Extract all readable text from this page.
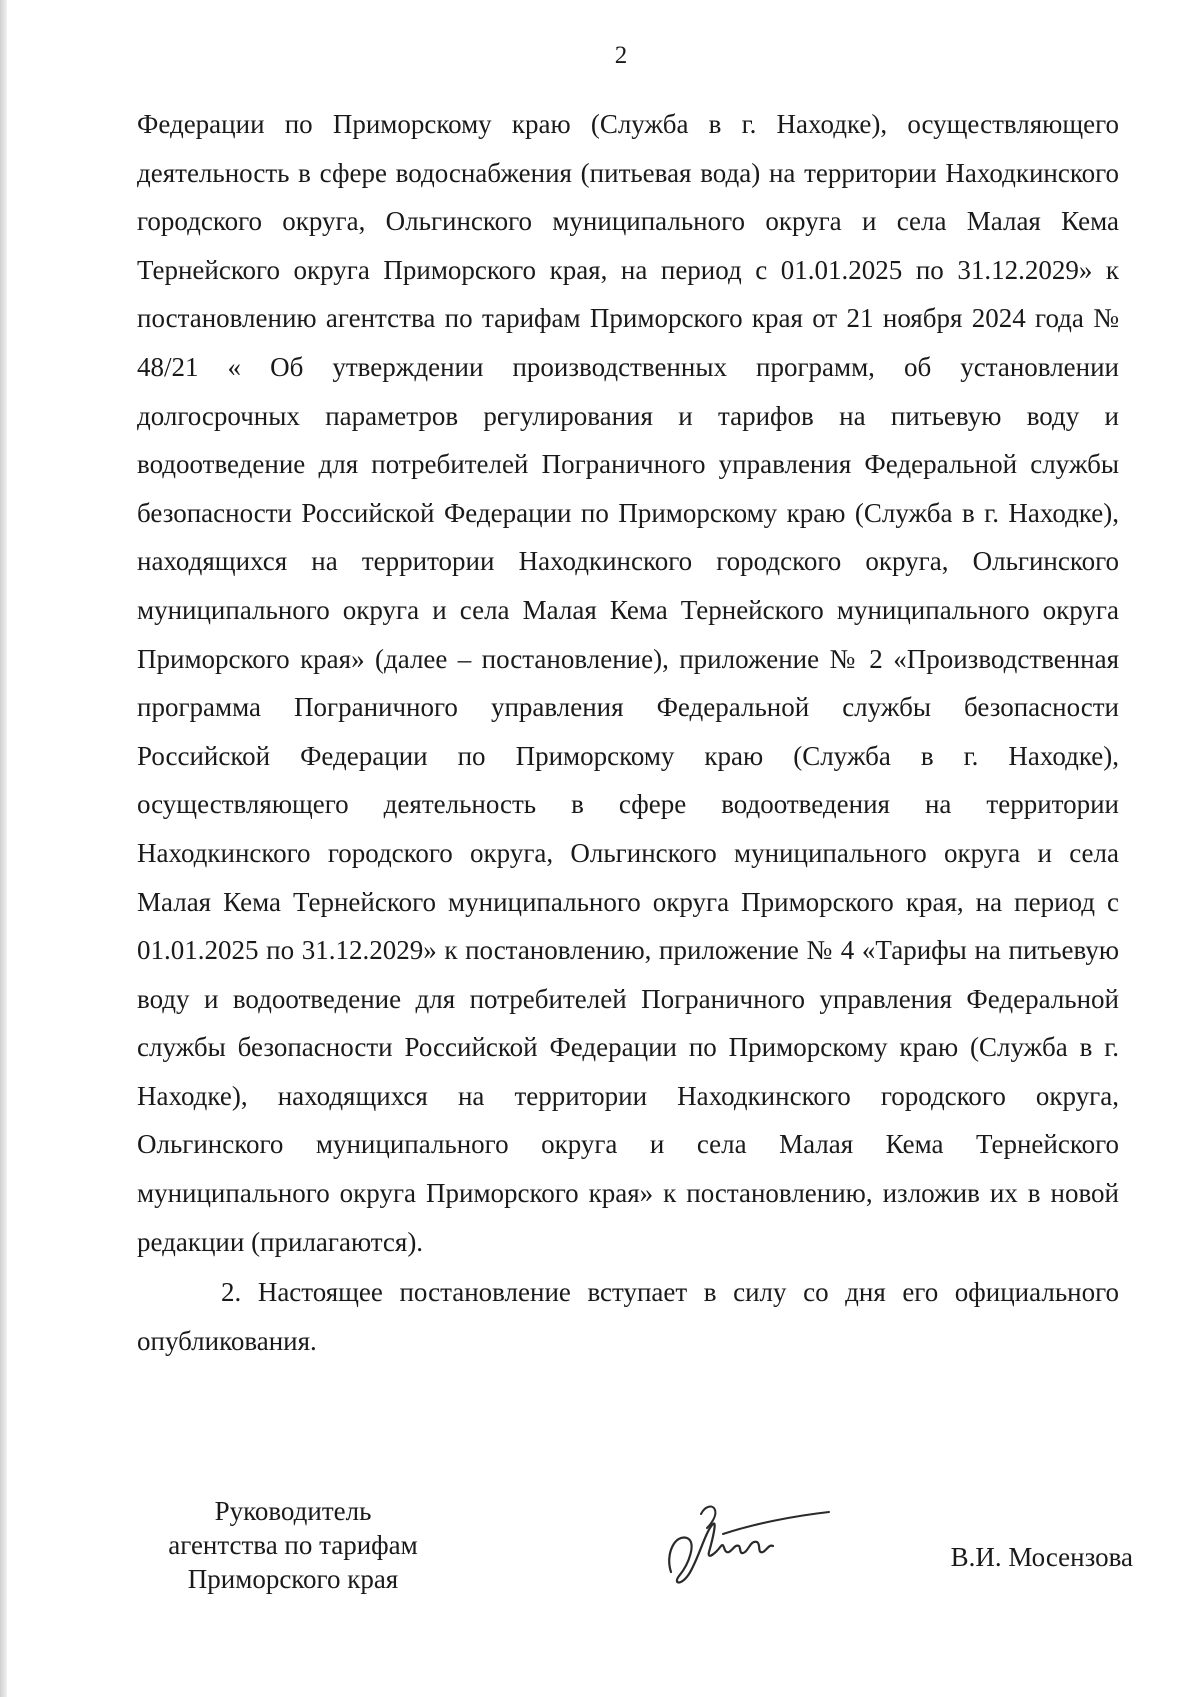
2

Федерации по Приморскому краю (Служба в г. Находке), осуществляющего деятельность в сфере водоснабжения (питьевая вода) на территории Находкинского городского округа, Ольгинского муниципального округа и села Малая Кема Тернейского округа Приморского края, на период с 01.01.2025 по 31.12.2029» к постановлению агентства по тарифам Приморского края от 21 ноября 2024 года № 48/21 « Об утверждении производственных программ, об установлении долгосрочных параметров регулирования и тарифов на питьевую воду и водоотведение для потребителей Пограничного управления Федеральной службы безопасности Российской Федерации по Приморскому краю (Служба в г. Находке), находящихся на территории Находкинского городского округа, Ольгинского муниципального округа и села Малая Кема Тернейского муниципального округа Приморского края» (далее – постановление), приложение № 2 «Производственная программа Пограничного управления Федеральной службы безопасности Российской Федерации по Приморскому краю (Служба в г. Находке), осуществляющего деятельность в сфере водоотведения на территории Находкинского городского округа, Ольгинского муниципального округа и села Малая Кема Тернейского муниципального округа Приморского края, на период с 01.01.2025 по 31.12.2029» к постановлению, приложение № 4 «Тарифы на питьевую воду и водоотведение для потребителей Пограничного управления Федеральной службы безопасности Российской Федерации по Приморскому краю (Служба в г. Находке), находящихся на территории Находкинского городского округа, Ольгинского муниципального округа и села Малая Кема Тернейского муниципального округа Приморского края» к постановлению, изложив их в новой редакции (прилагаются).

2. Настоящее постановление вступает в силу со дня его официального опубликования.

Руководитель
агентства по тарифам
Приморского края
В.И. Мосензова
